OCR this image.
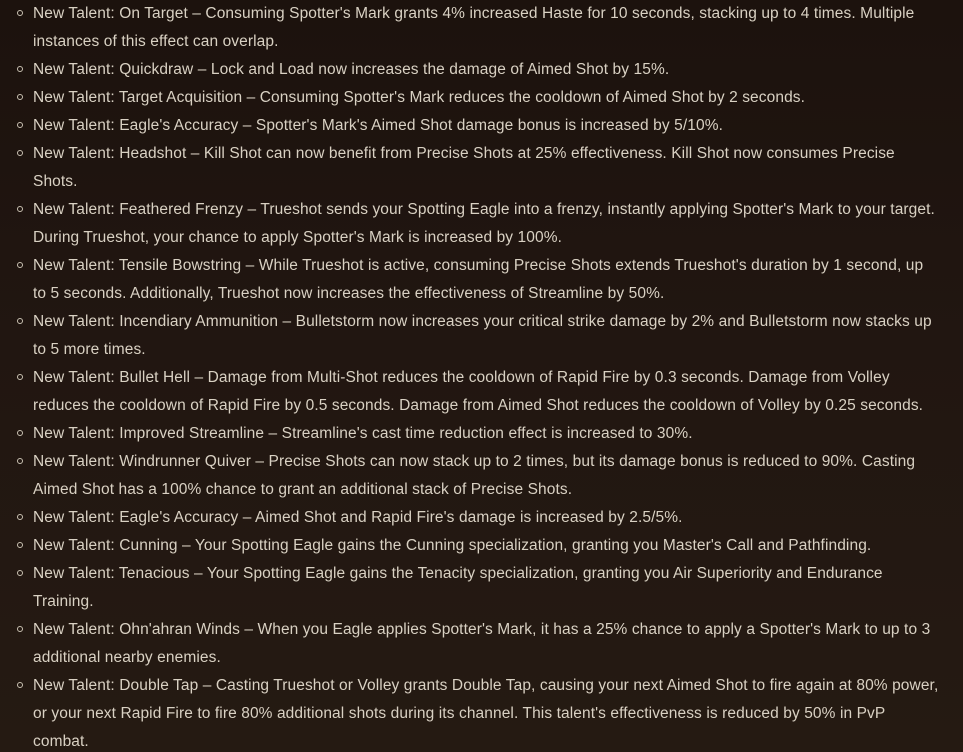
New Talent: On Target – Consuming Spotter's Mark grants 4% increased Haste for 10 seconds, stacking up to 4 times. Multiple instances of this effect can overlap.
New Talent: Quickdraw – Lock and Load now increases the damage of Aimed Shot by 15%.
New Talent: Target Acquisition – Consuming Spotter's Mark reduces the cooldown of Aimed Shot by 2 seconds.
New Talent: Eagle's Accuracy – Spotter's Mark's Aimed Shot damage bonus is increased by 5/10%.
New Talent: Headshot – Kill Shot can now benefit from Precise Shots at 25% effectiveness. Kill Shot now consumes Precise Shots.
New Talent: Feathered Frenzy – Trueshot sends your Spotting Eagle into a frenzy, instantly applying Spotter's Mark to your target. During Trueshot, your chance to apply Spotter's Mark is increased by 100%.
New Talent: Tensile Bowstring – While Trueshot is active, consuming Precise Shots extends Trueshot's duration by 1 second, up to 5 seconds. Additionally, Trueshot now increases the effectiveness of Streamline by 50%.
New Talent: Incendiary Ammunition – Bulletstorm now increases your critical strike damage by 2% and Bulletstorm now stacks up to 5 more times.
New Talent: Bullet Hell – Damage from Multi-Shot reduces the cooldown of Rapid Fire by 0.3 seconds. Damage from Volley reduces the cooldown of Rapid Fire by 0.5 seconds. Damage from Aimed Shot reduces the cooldown of Volley by 0.25 seconds.
New Talent: Improved Streamline – Streamline's cast time reduction effect is increased to 30%.
New Talent: Windrunner Quiver – Precise Shots can now stack up to 2 times, but its damage bonus is reduced to 90%. Casting Aimed Shot has a 100% chance to grant an additional stack of Precise Shots.
New Talent: Eagle's Accuracy – Aimed Shot and Rapid Fire's damage is increased by 2.5/5%.
New Talent: Cunning – Your Spotting Eagle gains the Cunning specialization, granting you Master's Call and Pathfinding.
New Talent: Tenacious – Your Spotting Eagle gains the Tenacity specialization, granting you Air Superiority and Endurance Training.
New Talent: Ohn'ahran Winds – When you Eagle applies Spotter's Mark, it has a 25% chance to apply a Spotter's Mark to up to 3 additional nearby enemies.
New Talent: Double Tap – Casting Trueshot or Volley grants Double Tap, causing your next Aimed Shot to fire again at 80% power, or your next Rapid Fire to fire 80% additional shots during its channel. This talent's effectiveness is reduced by 50% in PvP combat.
